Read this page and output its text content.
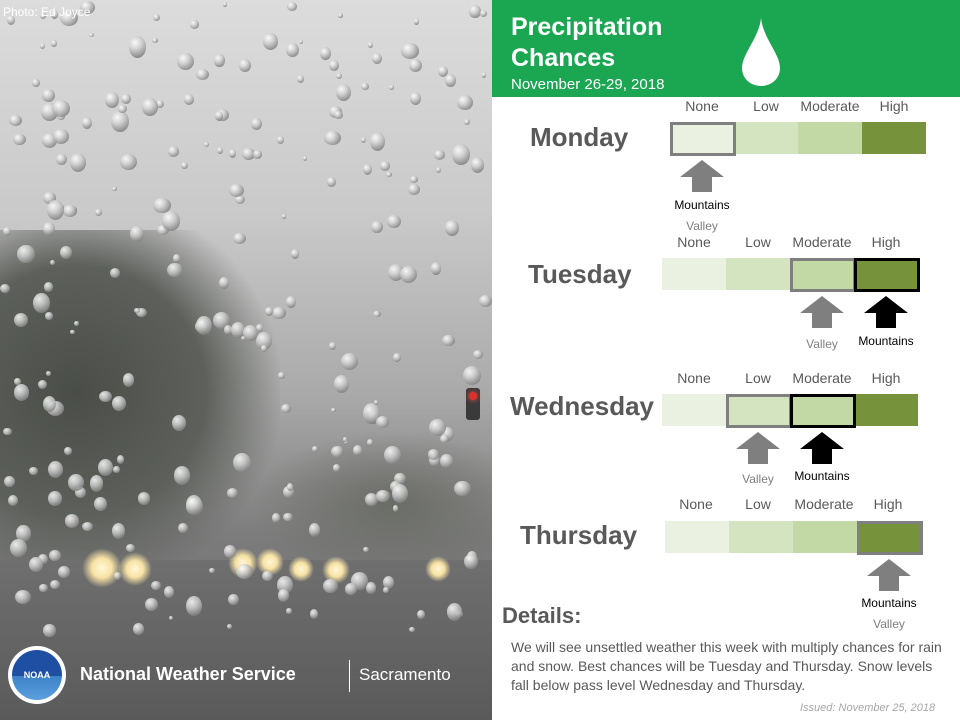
Photo: Ed Joyce
NOAA National Weather Service	Sacramento
Precipitation Chances
November 26-29, 2018
Monday
None	Low	Moderate	High
Mountains
Valley
Tuesday
None	Low	Moderate	High
Valley	Mountains
Wednesday
None	Low	Moderate	High
Valley	Mountains
Thursday
None	Low	Moderate	High
Mountains
Valley
Details:
We will see unsettled weather this week with multiply chances for rain and snow. Best chances will be Tuesday and Thursday. Snow levels fall below pass level Wednesday and Thursday.
Issued: November 25, 2018
